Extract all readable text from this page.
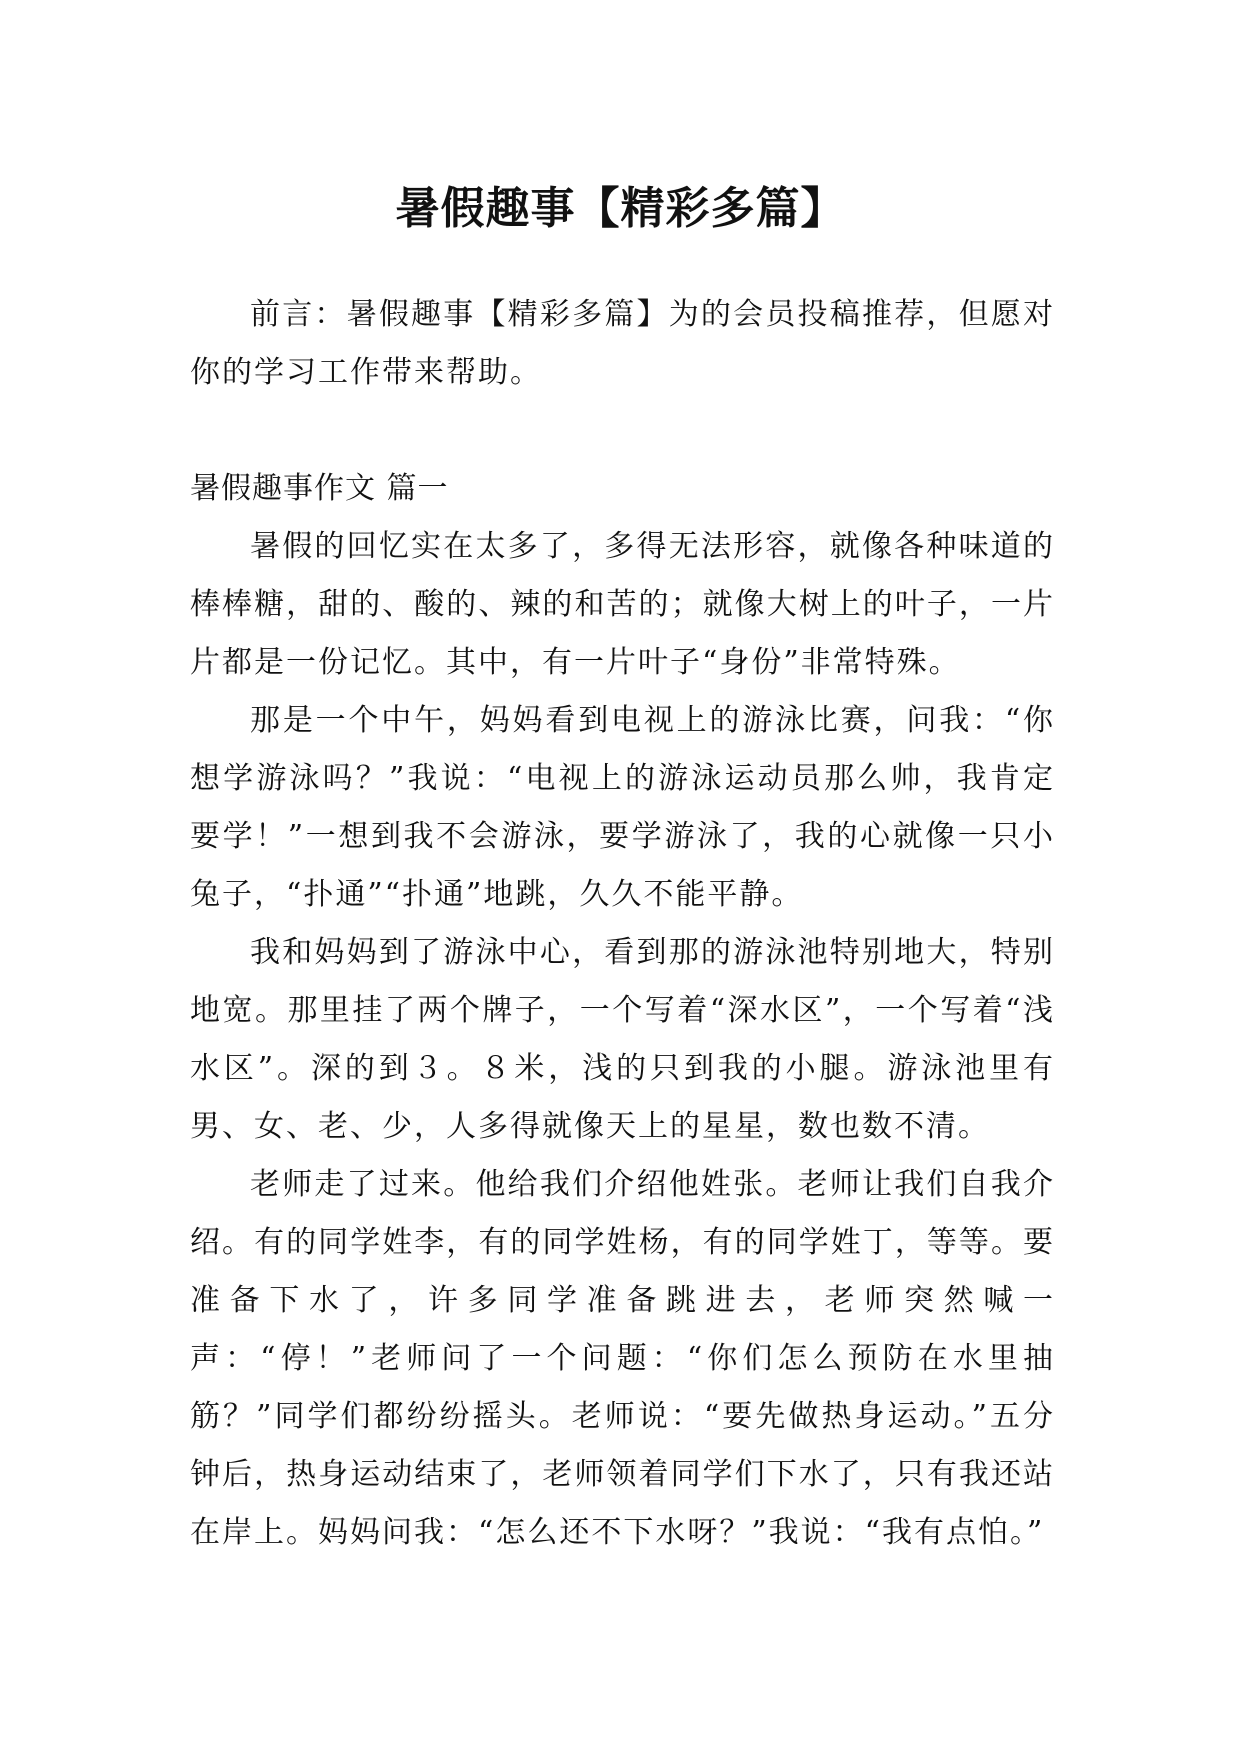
暑假趣事【精彩多篇】

前言：暑假趣事【精彩多篇】为的会员投稿推荐，但愿对你的学习工作带来帮助。

暑假趣事作文 篇一

暑假的回忆实在太多了，多得无法形容，就像各种味道的棒棒糖，甜的、酸的、辣的和苦的；就像大树上的叶子，一片片都是一份记忆。其中，有一片叶子“身份”非常特殊。

那是一个中午，妈妈看到电视上的游泳比赛，问我：“你想学游泳吗？”我说：“电视上的游泳运动员那么帅，我肯定要学！”一想到我不会游泳，要学游泳了，我的心就像一只小兔子，“扑通”“扑通”地跳，久久不能平静。

我和妈妈到了游泳中心，看到那的游泳池特别地大，特别地宽。那里挂了两个牌子，一个写着“深水区”，一个写着“浅水区”。深的到３。８米，浅的只到我的小腿。游泳池里有男、女、老、少，人多得就像天上的星星，数也数不清。

老师走了过来。他给我们介绍他姓张。老师让我们自我介绍。有的同学姓李，有的同学姓杨，有的同学姓丁，等等。要准备下水了，许多同学准备跳进去，老师突然喊一声：“停！”老师问了一个问题：“你们怎么预防在水里抽筋？”同学们都纷纷摇头。老师说：“要先做热身运动。”五分钟后，热身运动结束了，老师领着同学们下水了，只有我还站在岸上。妈妈问我：“怎么还不下水呀？”我说：“我有点怕。”
